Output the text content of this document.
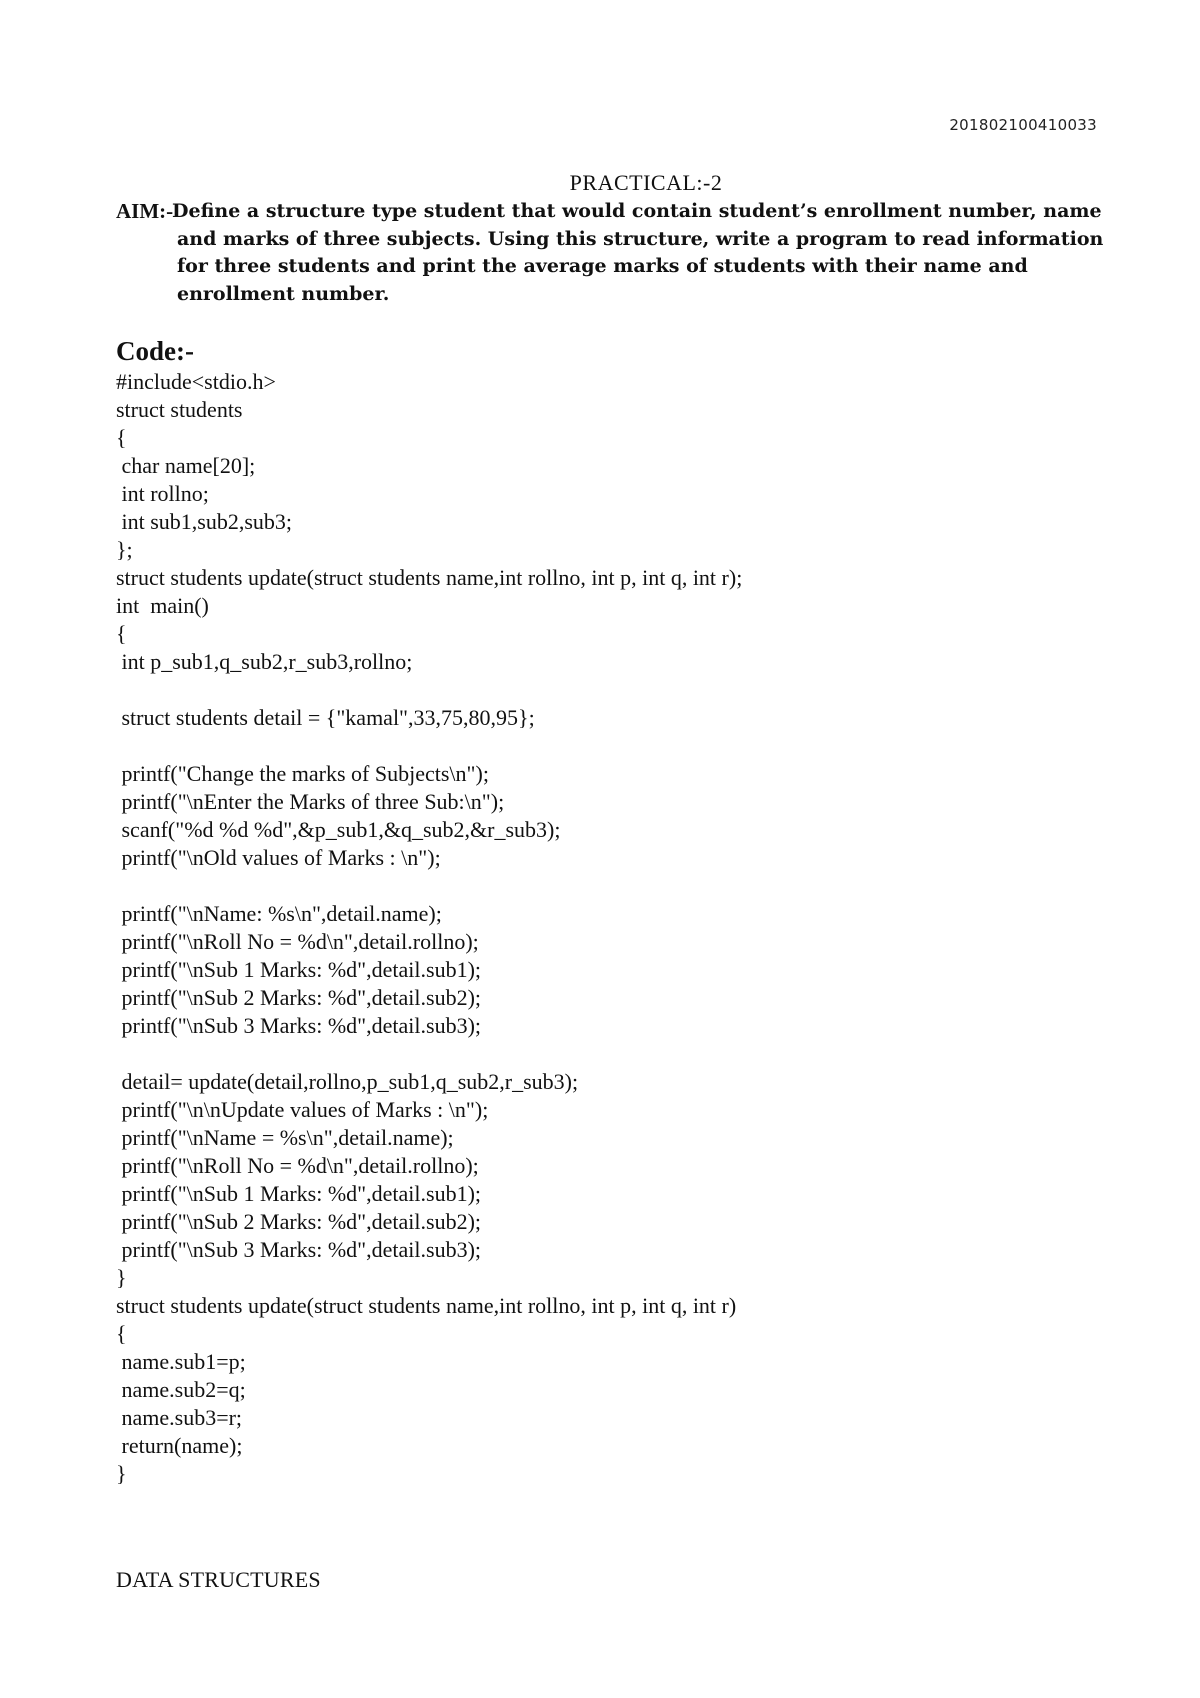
201802100410033
PRACTICAL:-2
AIM:-
Define a structure type student that would contain student’s enrollment number, name and marks of three subjects. Using this structure, write a program to read information for three students and print the average marks of students with their name and enrollment number.
Code:-
#include<stdio.h>
struct students
{
char name[20];
int rollno;
int sub1,sub2,sub3;
};
struct students update(struct students name,int rollno, int p, int q, int r);
int  main()
{
int p_sub1,q_sub2,r_sub3,rollno;
struct students detail = {"kamal",33,75,80,95};
printf("Change the marks of Subjects\n");
printf("\nEnter the Marks of three Sub:\n");
scanf("%d %d %d",&p_sub1,&q_sub2,&r_sub3);
printf("\nOld values of Marks : \n");
printf("\nName: %s\n",detail.name);
printf("\nRoll No = %d\n",detail.rollno);
printf("\nSub 1 Marks: %d",detail.sub1);
printf("\nSub 2 Marks: %d",detail.sub2);
printf("\nSub 3 Marks: %d",detail.sub3);
detail= update(detail,rollno,p_sub1,q_sub2,r_sub3);
printf("\n\nUpdate values of Marks : \n");
printf("\nName = %s\n",detail.name);
printf("\nRoll No = %d\n",detail.rollno);
printf("\nSub 1 Marks: %d",detail.sub1);
printf("\nSub 2 Marks: %d",detail.sub2);
printf("\nSub 3 Marks: %d",detail.sub3);
}
struct students update(struct students name,int rollno, int p, int q, int r)
{
name.sub1=p;
name.sub2=q;
name.sub3=r;
return(name);
}
DATA STRUCTURES
